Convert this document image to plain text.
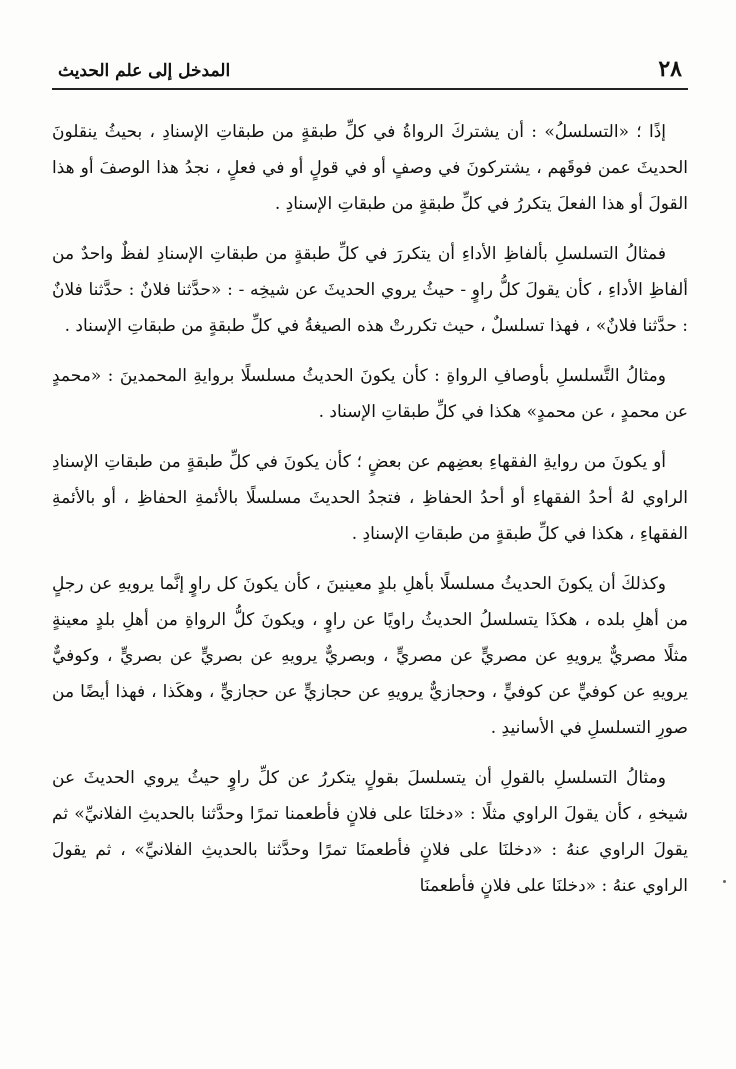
٢٨
المدخل إلى علم الحديث

إذًا ؛ «التسلسلُ» : أن يشتركَ الرواةُ في كلِّ طبقةٍ من طبقاتِ الإسنادِ ، بحيثُ ينقلونَ الحديثَ عمن فوقَهم ، يشتركونَ في وصفٍ أو في قولٍ أو في فعلٍ ، نجدُ هذا الوصفَ أو هذا القولَ أو هذا الفعلَ يتكررُ في كلِّ طبقةٍ من طبقاتِ الإسنادِ .

فمثالُ التسلسلِ بألفاظِ الأداءِ أن يتكررَ في كلِّ طبقةٍ من طبقاتِ الإسنادِ لفظٌ واحدٌ من ألفاظِ الأداءِ ، كأن يقولَ كلُّ راوٍ - حيثُ يروي الحديثَ عن شيخِه - : «حدَّثنا فلانٌ : حدَّثنا فلانٌ : حدَّثنا فلانٌ» ، فهذا تسلسلٌ ، حيث تكررتْ هذه الصيغةُ في كلِّ طبقةٍ من طبقاتِ الإسناد .

ومثالُ التَّسلسلِ بأوصافِ الرواةِ : كأن يكونَ الحديثُ مسلسلًا بروايةِ المحمدينَ : «محمدٍ عن محمدٍ ، عن محمدٍ» هكذا في كلِّ طبقاتِ الإسناد .

أو يكونَ من روايةِ الفقهاءِ بعضِهم عن بعضٍ ؛ كأن يكونَ في كلِّ طبقةٍ من طبقاتِ الإسنادِ الراوي لهُ أحدُ الفقهاءِ أو أحدُ الحفاظِ ، فتجدُ الحديثَ مسلسلًا بالأئمةِ الحفاظِ ، أو بالأئمةِ الفقهاءِ ، هكذا في كلِّ طبقةٍ من طبقاتِ الإسنادِ .

وكذلكَ أن يكونَ الحديثُ مسلسلًا بأهلِ بلدٍ معينينَ ، كأن يكونَ كل راوٍ إنَّما يرويهِ عن رجلٍ من أهلِ بلده ، هكذَا يتسلسلُ الحديثُ راويًا عن راوٍ ، ويكونَ كلُّ الرواةِ من أهلِ بلدٍ معينةٍ مثلًا مصريٌّ يرويهِ عن مصريٍّ عن مصريٍّ ، وبصريٌّ يرويهِ عن بصريٍّ عن بصريٍّ ، وكوفيٌّ يرويهِ عن كوفيٍّ عن كوفيٍّ ، وحجازيٌّ يرويهِ عن حجازيٍّ عن حجازيٍّ ، وهكَذا ، فهذا أيضًا من صورِ التسلسلِ في الأسانيدِ .

ومثالُ التسلسلِ بالقولِ أن يتسلسلَ بقولٍ يتكررُ عن كلِّ راوٍ حيثُ يروي الحديثَ عن شيخهِ ، كأن يقولَ الراوي مثلًا : «دخلنَا على فلانٍ فأطعمنا تمرًا وحدَّثنا بالحديثِ الفلانيِّ» ثم يقولَ الراوي عنهُ : «دخلنَا على فلانٍ فأطعمنَا تمرًا وحدَّثنا بالحديثِ الفلانيِّ» ، ثم يقولَ الراوي عنهُ : «دخلنَا على فلانٍ فأطعمنَا
